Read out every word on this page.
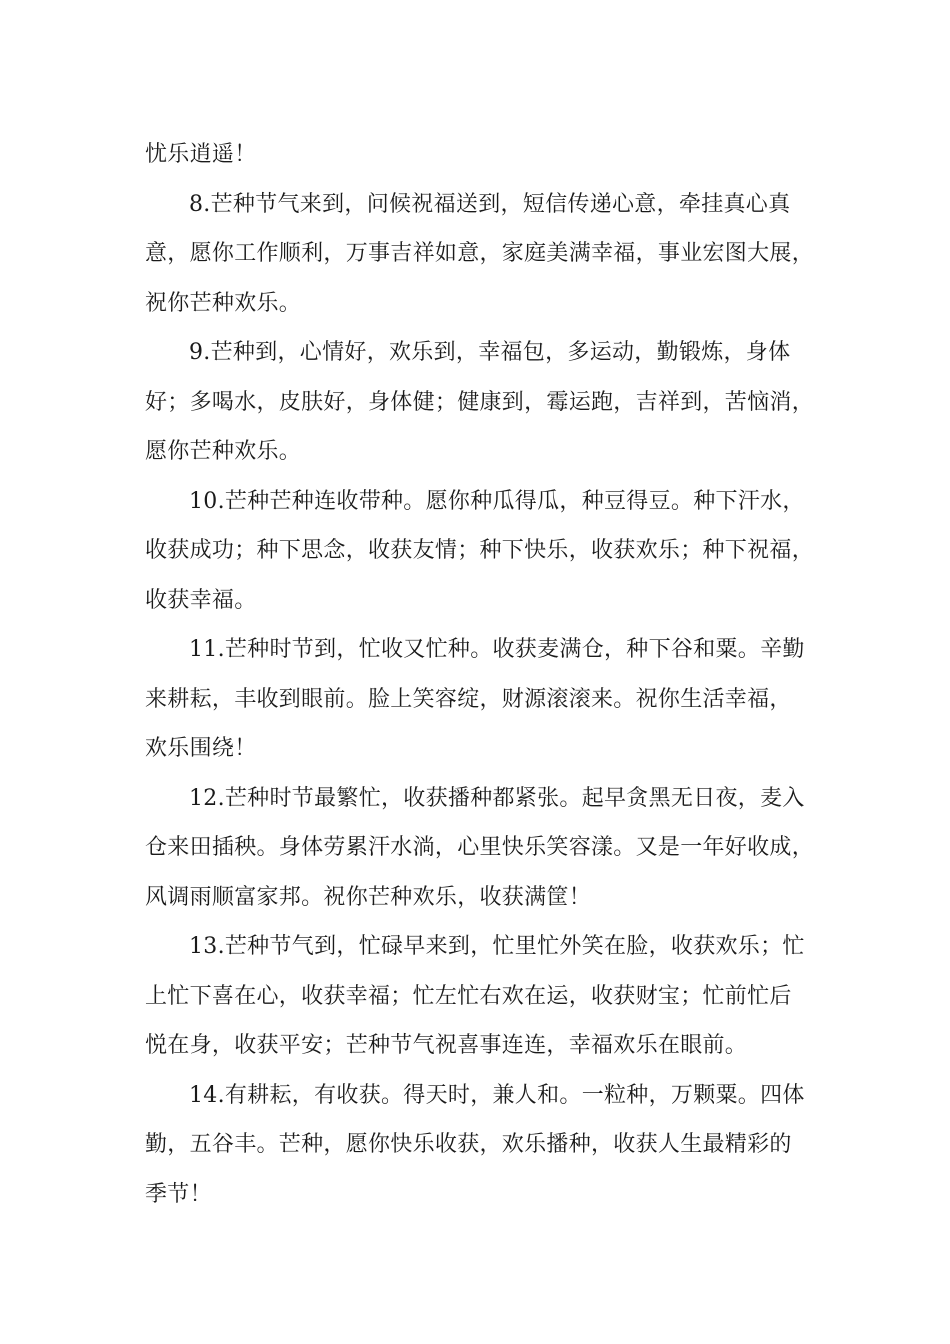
忧乐逍遥！
8.芒种节气来到，问候祝福送到，短信传递心意，牵挂真心真
意，愿你工作顺利，万事吉祥如意，家庭美满幸福，事业宏图大展，
祝你芒种欢乐。
9.芒种到，心情好，欢乐到，幸福包，多运动，勤锻炼，身体
好；多喝水，皮肤好，身体健；健康到，霉运跑，吉祥到，苦恼消，
愿你芒种欢乐。
10.芒种芒种连收带种。愿你种瓜得瓜，种豆得豆。种下汗水，
收获成功；种下思念，收获友情；种下快乐，收获欢乐；种下祝福，
收获幸福。
11.芒种时节到，忙收又忙种。收获麦满仓，种下谷和粟。辛勤
来耕耘，丰收到眼前。脸上笑容绽，财源滚滚来。祝你生活幸福，
欢乐围绕！
12.芒种时节最繁忙，收获播种都紧张。起早贪黑无日夜，麦入
仓来田插秧。身体劳累汗水淌，心里快乐笑容漾。又是一年好收成，
风调雨顺富家邦。祝你芒种欢乐，收获满筐！
13.芒种节气到，忙碌早来到，忙里忙外笑在脸，收获欢乐；忙
上忙下喜在心，收获幸福；忙左忙右欢在运，收获财宝；忙前忙后
悦在身，收获平安；芒种节气祝喜事连连，幸福欢乐在眼前。
14.有耕耘，有收获。得天时，兼人和。一粒种，万颗粟。四体
勤，五谷丰。芒种，愿你快乐收获，欢乐播种，收获人生最精彩的
季节！
